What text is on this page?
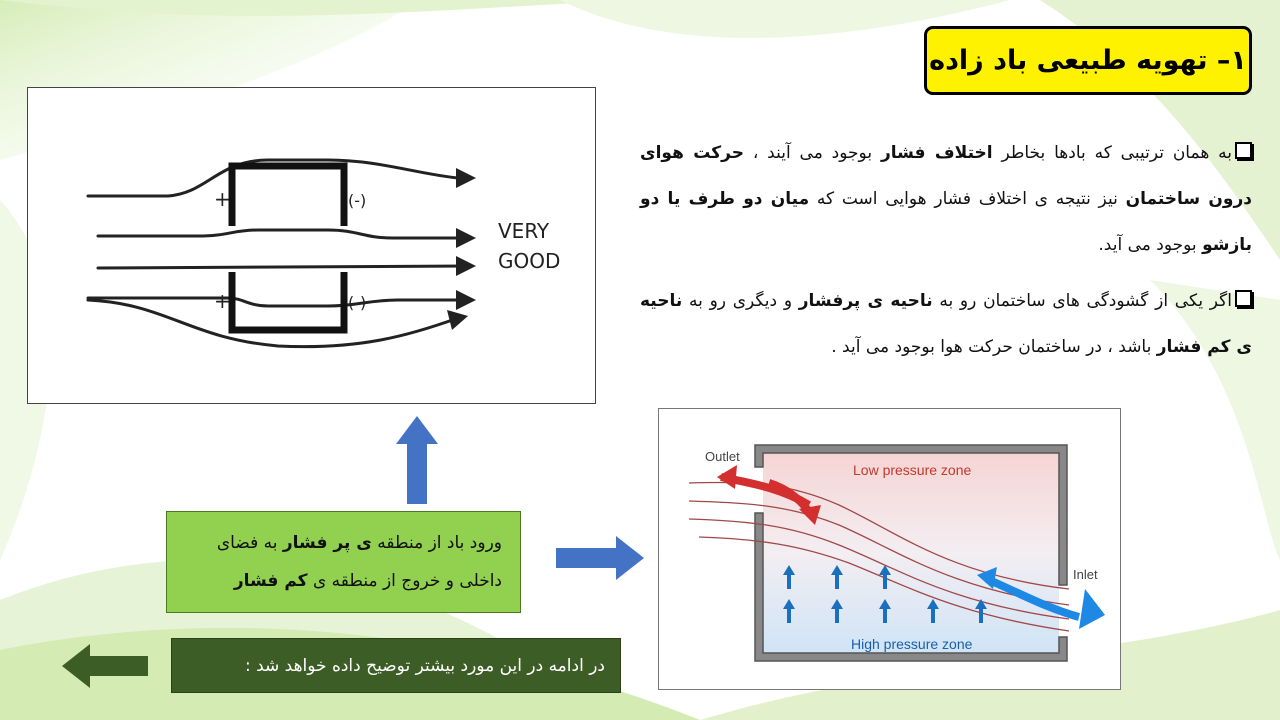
۱– تهویه طبیعی باد زاده

به همان ترتیبی که بادها بخاطر اختلاف فشار بوجود می آیند ، حرکت هوای درون ساختمان نیز نتیجه ی اختلاف فشار هوایی است که میان دو طرف یا دو بازشو بوجود می آید.

اگر یکی از گشودگی های ساختمان رو به ناحیه ی پرفشار و دیگری رو به ناحیه ی کم فشار باشد ، در ساختمان حرکت هوا بوجود می آید .

+	(-)
+	(-)
VERY
GOOD
Outlet
Inlet
Low pressure zone
High pressure zone
ورود باد از منطقه ی پر فشار به فضای داخلی و خروج از منطقه ی کم فشار
در ادامه در این مورد بیشتر توضیح داده خواهد شد :
